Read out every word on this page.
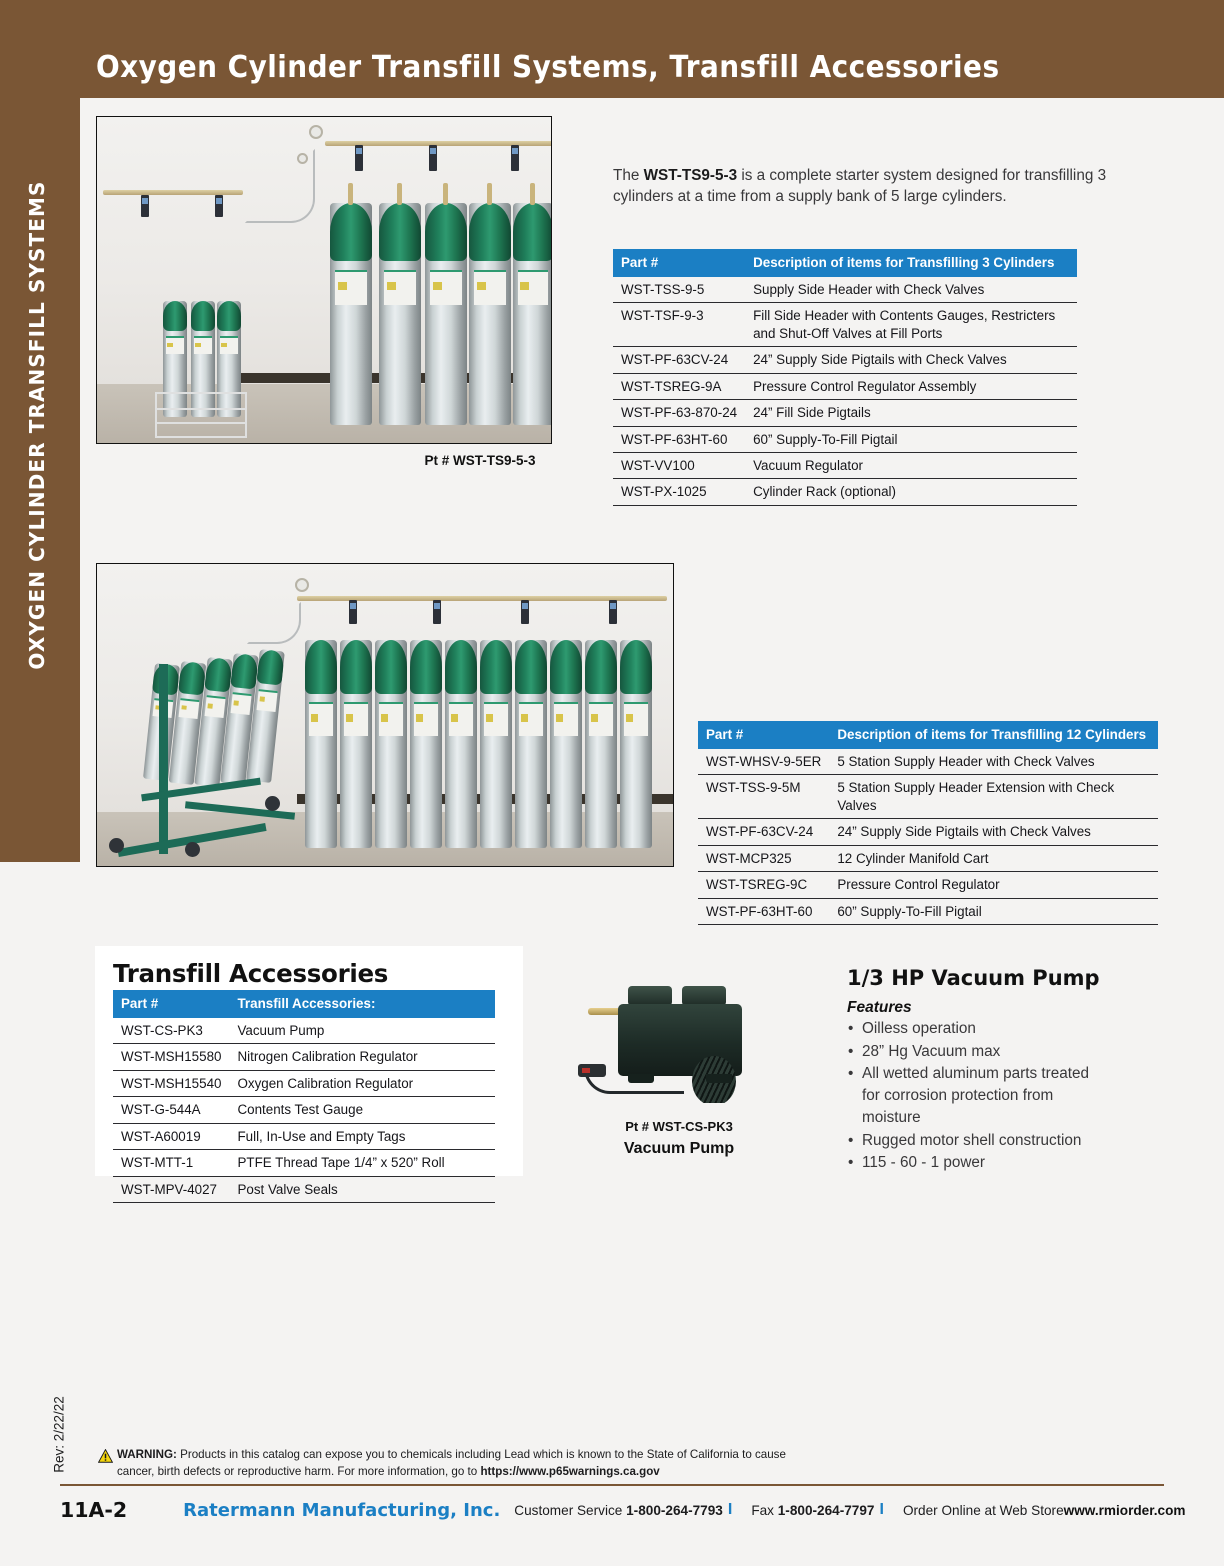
Oxygen Cylinder Transfill Systems, Transfill Accessories
OXYGEN CYLINDER TRANSFILL SYSTEMS	Pt # WST-TS9-5-3

The WST-TS9-5-3 is a complete starter system designed for transfilling 3 cylinders at a time from a supply bank of 5 large cylinders.

Part #	Description of items for Transfilling 3 Cylinders
WST-TSS-9-5	Supply Side Header with Check Valves
WST-TSF-9-3	Fill Side Header with Contents Gauges, Restricters and Shut-Off Valves at Fill Ports
WST-PF-63CV-24	24” Supply Side Pigtails with Check Valves
WST-TSREG-9A	Pressure Control Regulator Assembly
WST-PF-63-870-24	24” Fill Side Pigtails
WST-PF-63HT-60	60” Supply-To-Fill Pigtail
WST-VV100	Vacuum Regulator
WST-PX-1025	Cylinder Rack (optional)
Part #	Description of items for Transfilling 12 Cylinders
WST-WHSV-9-5ER	5 Station Supply Header with Check Valves
WST-TSS-9-5M	5 Station Supply Header Extension with Check Valves
WST-PF-63CV-24	24” Supply Side Pigtails with Check Valves
WST-MCP325	12 Cylinder Manifold Cart
WST-TSREG-9C	Pressure Control Regulator
WST-PF-63HT-60	60” Supply-To-Fill Pigtail
Transfill Accessories
Part #	Transfill Accessories:
WST-CS-PK3	Vacuum Pump
WST-MSH15580	Nitrogen Calibration Regulator
WST-MSH15540	Oxygen Calibration Regulator
WST-G-544A	Contents Test Gauge
WST-A60019	Full, In-Use and Empty Tags
WST-MTT-1	PTFE Thread Tape 1/4” x 520” Roll
WST-MPV-4027	Post Valve Seals
Pt # WST-CS-PK3
Vacuum Pump
1/3 HP Vacuum Pump
Features
• Oilless operation
• 28” Hg Vacuum max
• All wetted aluminum parts treated for corrosion protection from moisture
• Rugged motor shell construction
• 115 - 60 - 1 power
Rev: 2/22/22	WARNING: Products in this catalog can expose you to chemicals including Lead which is known to the State of California to cause cancer, birth defects or reproductive harm. For more information, go to https://www.p65warnings.ca.gov
11A-2	Ratermann Manufacturing, Inc. Customer Service 1-800-264-7793 I	Fax 1-800-264-7797 I	Order Online at Web Store www.rmiorder.com
